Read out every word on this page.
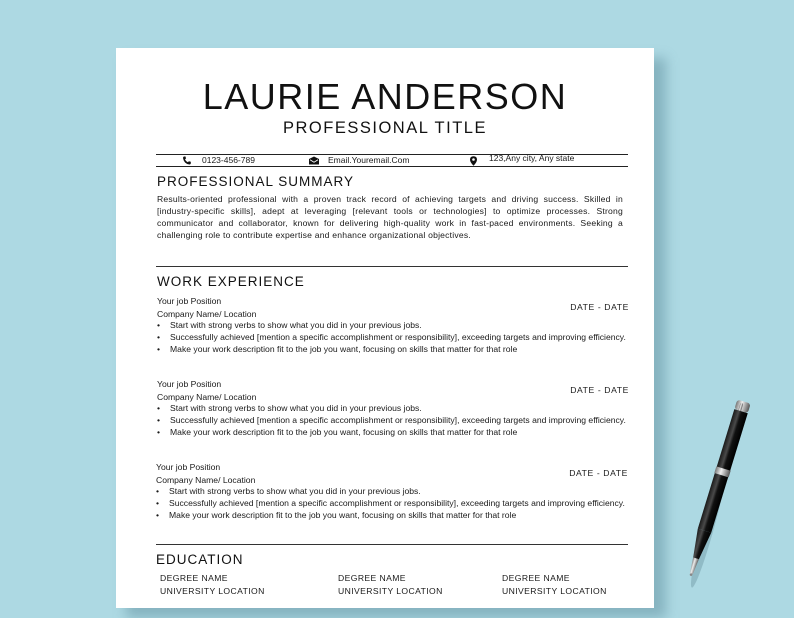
LAURIE ANDERSON
PROFESSIONAL TITLE
0123-456-789	Email.Youremail.Com	123,Any city, Any state
PROFESSIONAL SUMMARY
Results-oriented professional with a proven track record of achieving targets and driving success. Skilled in [industry-specific skills], adept at leveraging [relevant tools or technologies] to optimize processes. Strong communicator and collaborator, known for delivering high-quality work in fast-paced environments. Seeking a challenging role to contribute expertise and enhance organizational objectives.
WORK EXPERIENCE
Your job Position
Company Name/ Location
DATE - DATE
• Start with strong verbs to show what you did in your previous jobs.
• Successfully achieved [mention a specific accomplishment or responsibility], exceeding targets and improving efficiency.
• Make your work description fit to the job you want, focusing on skills that matter for that role
Your job Position
Company Name/ Location
DATE - DATE
• Start with strong verbs to show what you did in your previous jobs.
• Successfully achieved [mention a specific accomplishment or responsibility], exceeding targets and improving efficiency.
• Make your work description fit to the job you want, focusing on skills that matter for that role
Your job Position
Company Name/ Location
DATE - DATE
• Start with strong verbs to show what you did in your previous jobs.
• Successfully achieved [mention a specific accomplishment or responsibility], exceeding targets and improving efficiency.
• Make your work description fit to the job you want, focusing on skills that matter for that role
EDUCATION
DEGREE NAME
UNIVERSITY LOCATION
DEGREE NAME
UNIVERSITY LOCATION
DEGREE NAME
UNIVERSITY LOCATION
